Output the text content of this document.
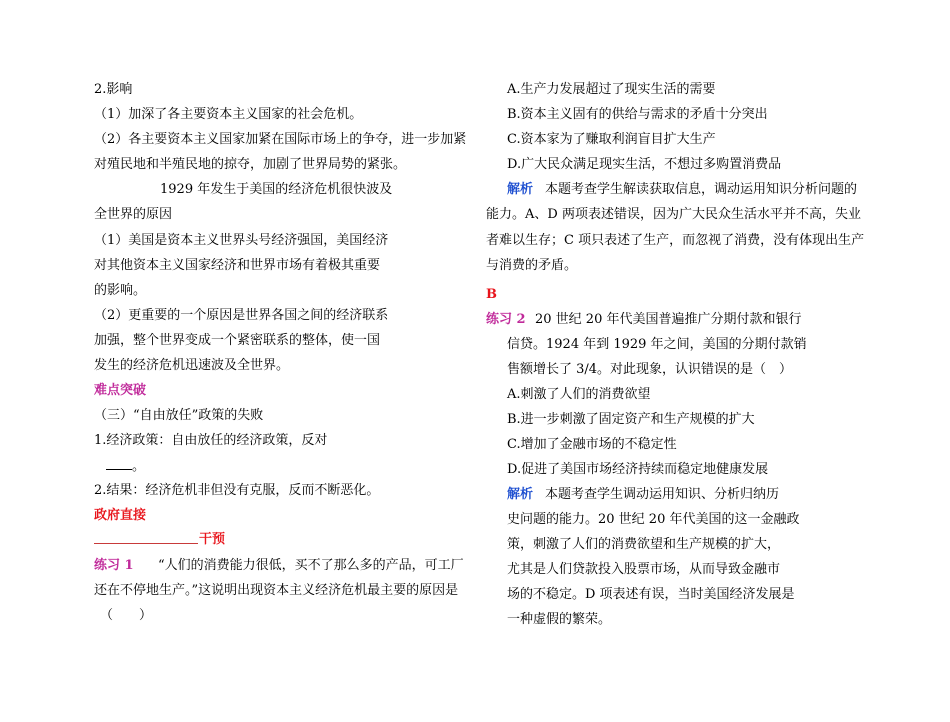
2.影响
（1）加深了各主要资本主义国家的社会危机。
（2）各主要资本主义国家加紧在国际市场上的争夺，进一步加紧
对殖民地和半殖民地的掠夺，加剧了世界局势的紧张。
1929 年发生于美国的经济危机很快波及
全世界的原因
（1）美国是资本主义世界头号经济强国，美国经济
对其他资本主义国家经济和世界市场有着极其重要
的影响。
（2）更重要的一个原因是世界各国之间的经济联系
加强，整个世界变成一个紧密联系的整体，使一国
发生的经济危机迅速波及全世界。
难点突破
（三）“自由放任”政策的失败
1.经济政策：自由放任的经济政策，反对
。
2.结果：经济危机非但没有克服，反而不断恶化。
政府直接
干预
练习 1 “人们的消费能力很低，买不了那么多的产品，可工厂
还在不停地生产。”这说明出现资本主义经济危机最主要的原因是
（　　）
A.生产力发展超过了现实生活的需要
B.资本主义固有的供给与需求的矛盾十分突出
C.资本家为了赚取利润盲目扩大生产
D.广大民众满足现实生活，不想过多购置消费品
解析 本题考查学生解读获取信息，调动运用知识分析问题的
能力。A、D 两项表述错误，因为广大民众生活水平并不高，失业
者难以生存；C 项只表述了生产，而忽视了消费，没有体现出生产
与消费的矛盾。
B
练习 2 20 世纪 20 年代美国普遍推广分期付款和银行
信贷。1924 年到 1929 年之间，美国的分期付款销
售额增长了 3/4。对此现象，认识错误的是（　）
A.刺激了人们的消费欲望
B.进一步刺激了固定资产和生产规模的扩大
C.增加了金融市场的不稳定性
D.促进了美国市场经济持续而稳定地健康发展
解析 本题考查学生调动运用知识、分析归纳历
史问题的能力。20 世纪 20 年代美国的这一金融政
策，刺激了人们的消费欲望和生产规模的扩大，
尤其是人们贷款投入股票市场，从而导致金融市
场的不稳定。D 项表述有误，当时美国经济发展是
一种虚假的繁荣。
